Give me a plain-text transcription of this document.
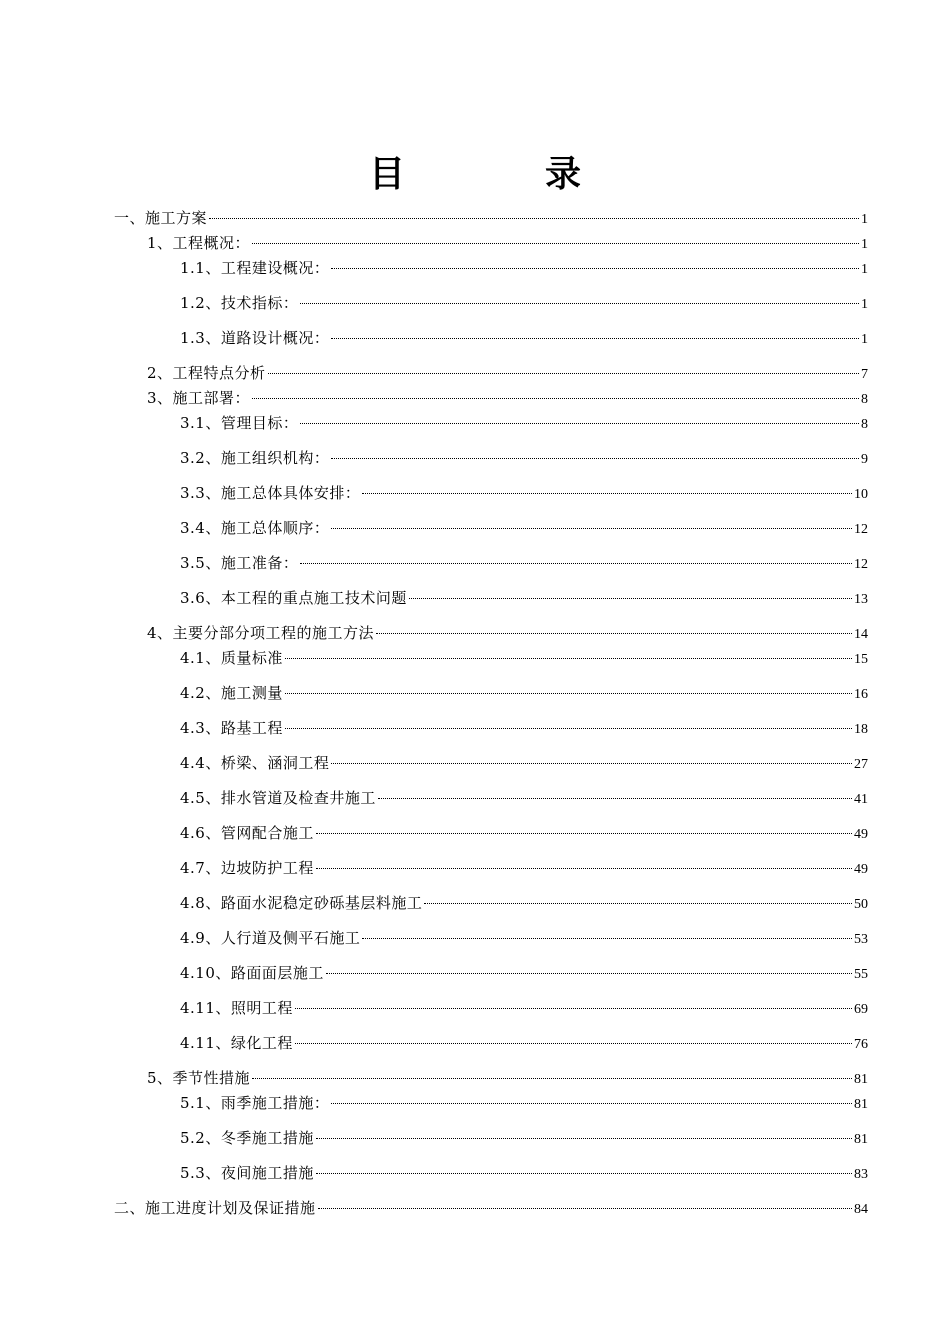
目　录
一、施工方案	1
1、工程概况：	1
1.1、工程建设概况：	1
1.2、技术指标：	1
1.3、道路设计概况：	1
2、工程特点分析	7
3、施工部署：	8
3.1、管理目标：	8
3.2、施工组织机构：	9
3.3、施工总体具体安排：	10
3.4、施工总体顺序：	12
3.5、施工准备：	12
3.6、本工程的重点施工技术问题	13
4、主要分部分项工程的施工方法	14
4.1、质量标准	15
4.2、施工测量	16
4.3、路基工程	18
4.4、桥梁、涵洞工程	27
4.5、排水管道及检查井施工	41
4.6、管网配合施工	49
4.7、边坡防护工程	49
4.8、路面水泥稳定砂砾基层料施工	50
4.9、人行道及侧平石施工	53
4.10、路面面层施工	55
4.11、照明工程	69
4.11、绿化工程	76
5、季节性措施	81
5.1、雨季施工措施：	81
5.2、冬季施工措施	81
5.3、夜间施工措施	83
二、施工进度计划及保证措施	84
